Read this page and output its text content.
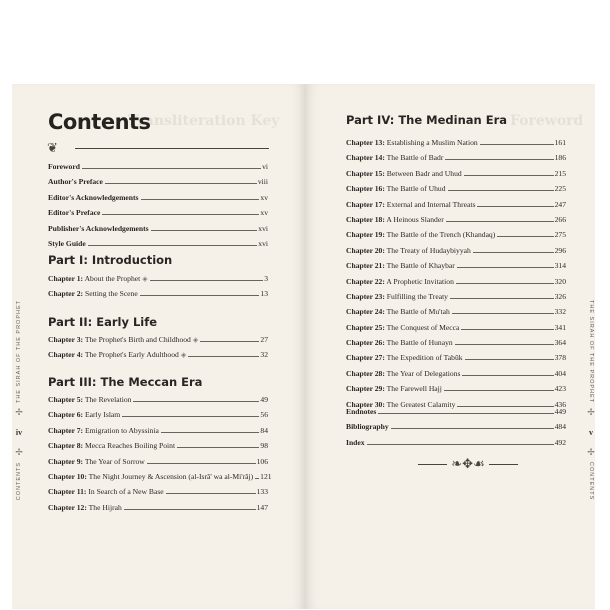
Transliteration Key	Foreword
THE SIRAH OF THE PROPHET
✢
iv
✢
CONTENTS
THE SIRAH OF THE PROPHET
✢
v
✢
CONTENTS
Contents
❦
Foreword	vi
Author's Preface	viii
Editor's Acknowledgements	xv
Editor's Preface	xv
Publisher's Acknowledgements	xvi
Style Guide	xvi
Part I: Introduction
Chapter 1: About the Prophet ◈	3
Chapter 2: Setting the Scene	13
Part II: Early Life
Chapter 3: The Prophet's Birth and Childhood ◈	27
Chapter 4: The Prophet's Early Adulthood ◈	32
Part III: The Meccan Era
Chapter 5: The Revelation	49
Chapter 6: Early Islam	56
Chapter 7: Emigration to Abyssinia	84
Chapter 8: Mecca Reaches Boiling Point	98
Chapter 9: The Year of Sorrow	106
Chapter 10: The Night Journey & Ascension (al-Isrā' wa al-Mi'rāj) 121
Chapter 11: In Search of a New Base	133
Chapter 12: The Hijrah	147
Part IV: The Medinan Era
Chapter 13: Establishing a Muslim Nation	161
Chapter 14: The Battle of Badr	186
Chapter 15: Between Badr and Uhud	215
Chapter 16: The Battle of Uhud	225
Chapter 17: External and Internal Threats	247
Chapter 18: A Heinous Slander	266
Chapter 19: The Battle of the Trench (Khandaq)	275
Chapter 20: The Treaty of Hudaybiyyah	296
Chapter 21: The Battle of Khaybar	314
Chapter 22: A Prophetic Invitation	320
Chapter 23: Fulfilling the Treaty	326
Chapter 24: The Battle of Mu'tah	332
Chapter 25: The Conquest of Mecca	341
Chapter 26: The Battle of Hunayn	364
Chapter 27: The Expedition of Tabūk	378
Chapter 28: The Year of Delegations	404
Chapter 29: The Farewell Hajj	423
Chapter 30: The Greatest Calamity	436
Endnotes	449
Bibliography	484
Index	492
❧✥☙
